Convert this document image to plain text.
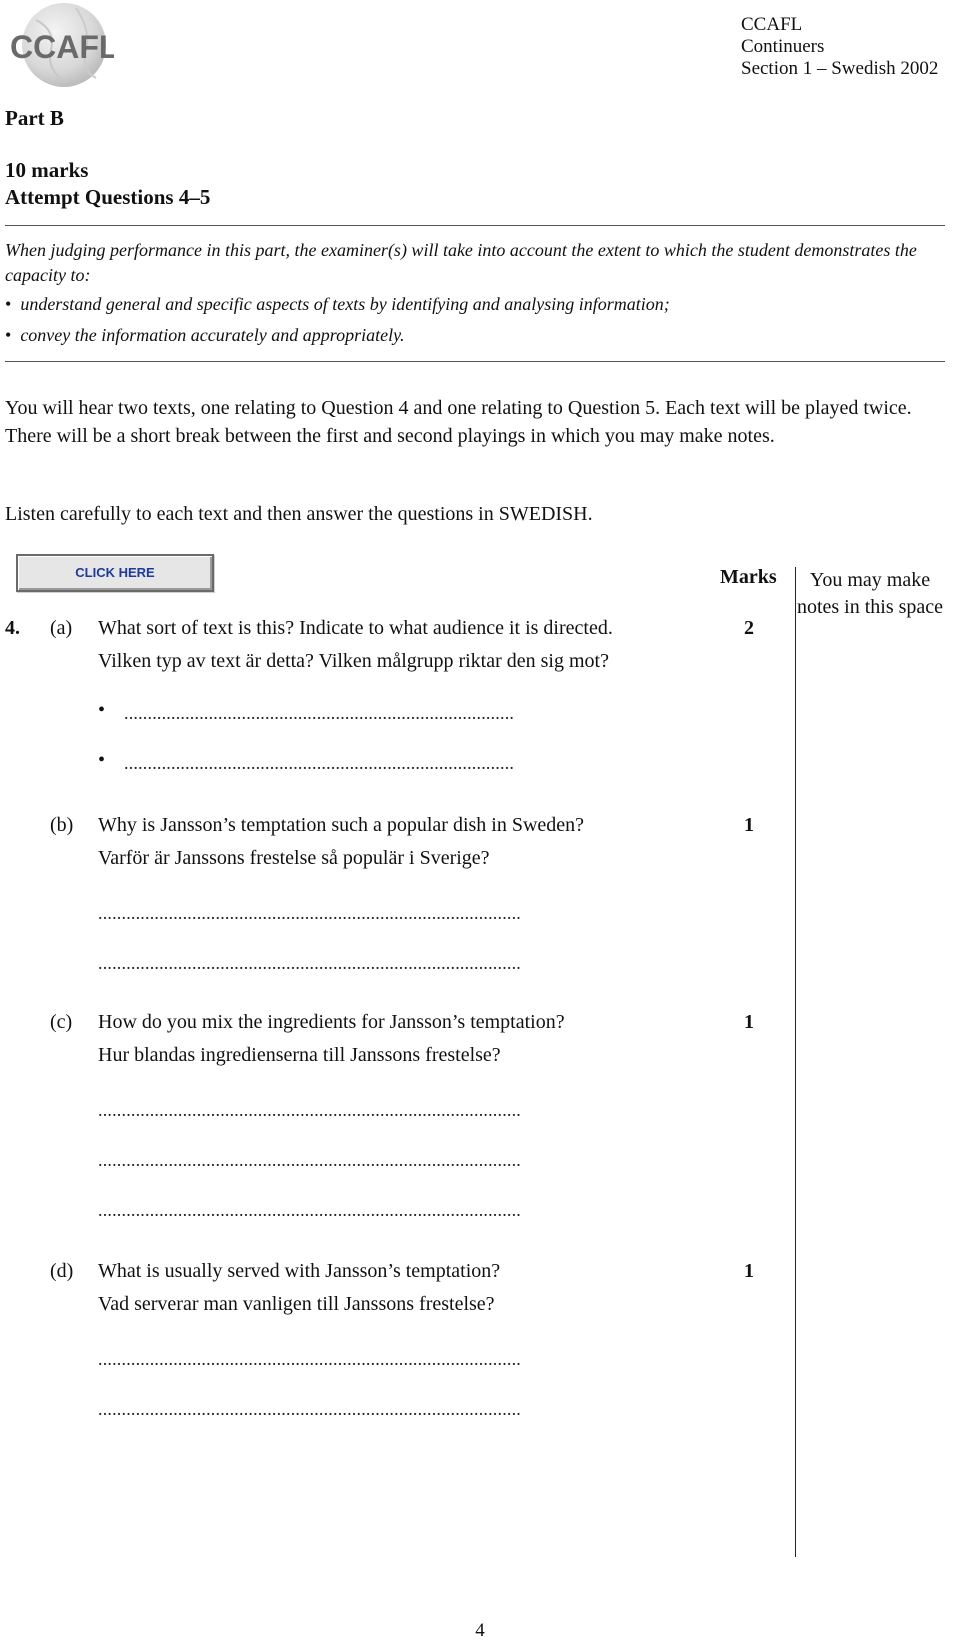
CCAFL
CCAFL
Continuers
Section 1 – Swedish 2002
Part B
10 marks
Attempt Questions 4–5
When judging performance in this part, the examiner(s) will take into account the extent to which the student demonstrates the capacity to:
•  understand general and specific aspects of texts by identifying and analysing information;
•  convey the information accurately and appropriately.
You will hear two texts, one relating to Question 4 and one relating to Question 5. Each text will be played twice. There will be a short break between the first and second playings in which you may make notes.
Listen carefully to each text and then answer the questions in SWEDISH.
CLICK HERE	Marks	You may make notes in this space
4. (a) What sort of text is this? Indicate to what audience it is directed.
Vilken typ av text är detta? Vilken målgrupp riktar den sig mot?
2
• ...................................................................................
• ...................................................................................
(b) Why is Jansson’s temptation such a popular dish in Sweden?
Varför är Janssons frestelse så populär i Sverige?
1
..........................................................................................
..........................................................................................
(c) How do you mix the ingredients for Jansson’s temptation?
Hur blandas ingredienserna till Janssons frestelse?
1
..........................................................................................
..........................................................................................
..........................................................................................
(d) What is usually served with Jansson’s temptation?
Vad serverar man vanligen till Janssons frestelse?
1
..........................................................................................
..........................................................................................
4
